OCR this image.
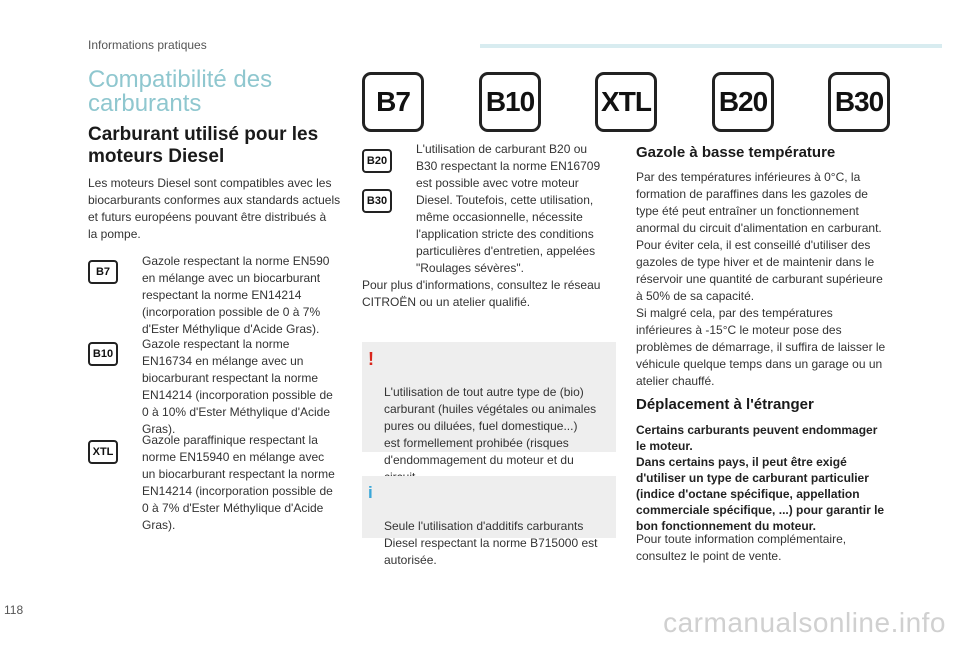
Informations pratiques
Compatibilité des
carburants	B7	B10 XTL B20 B30
Carburant utilisé pour les
moteurs Diesel

Les moteurs Diesel sont compatibles avec les
biocarburants conformes aux standards actuels
et futurs européens pouvant être distribués à
la pompe.

B7

Gazole respectant la norme EN590
en mélange avec un biocarburant
respectant la norme EN14214
(incorporation possible de 0 à 7%
d'Ester Méthylique d'Acide Gras).

B10

Gazole respectant la norme
EN16734 en mélange avec un
biocarburant respectant la norme
EN14214 (incorporation possible de
0 à 10% d'Ester Méthylique d'Acide
Gras).

XTL

Gazole paraffinique respectant la
norme EN15940 en mélange avec
un biocarburant respectant la norme
EN14214 (incorporation possible de
0 à 7% d'Ester Méthylique d'Acide
Gras).

B20
B30

L'utilisation de carburant B20 ou
B30 respectant la norme EN16709
est possible avec votre moteur
Diesel. Toutefois, cette utilisation,
même occasionnelle, nécessite
l'application stricte des conditions
particulières d'entretien, appelées
"Roulages sévères".

Pour plus d'informations, consultez le réseau
CITROËN ou un atelier qualifié.

!

L'utilisation de tout autre type de (bio)
carburant (huiles végétales ou animales
pures ou diluées, fuel domestique...)
est formellement prohibée (risques
d'endommagement du moteur et du

i

Seule l'utilisation d'additifs carburants
Diesel respectant la norme B715000 est
autorisée.

Gazole à basse température

Par des températures inférieures à 0°C, la
formation de paraffines dans les gazoles de
type été peut entraîner un fonctionnement
anormal du circuit d'alimentation en carburant.
Pour éviter cela, il est conseillé d'utiliser des
gazoles de type hiver et de maintenir dans le
réservoir une quantité de carburant supérieure
à 50% de sa capacité.
Si malgré cela, par des températures
inférieures à -15°C le moteur pose des
problèmes de démarrage, il suffira de laisser le
véhicule quelque temps dans un garage ou un
atelier chauffé.

Déplacement à l'étranger

Certains carburants peuvent endommager
le moteur.
Dans certains pays, il peut être exigé
d'utiliser un type de carburant particulier
(indice d'octane spécifique, appellation
commerciale spécifique, ...) pour garantir le
bon fonctionnement du moteur.

Pour toute information complémentaire,
consultez le point de vente.

118	carmanualsonline.info
